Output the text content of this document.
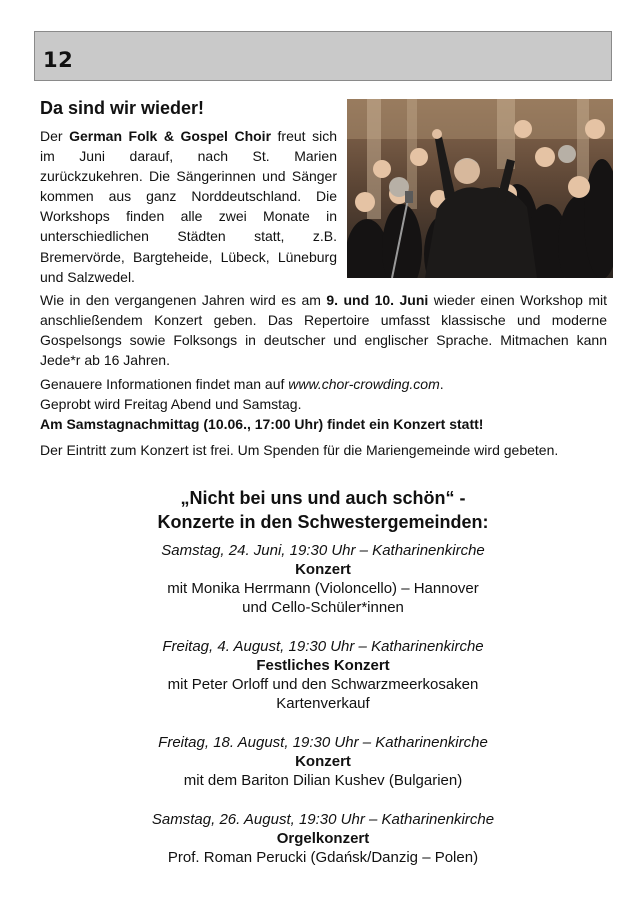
12
Da sind wir wieder!

Der German Folk & Gospel Choir freut sich im Juni darauf, nach St. Marien zurückzukehren. Die Sängerinnen und Sänger kommen aus ganz Norddeutschland. Die Workshops finden alle zwei Monate in unterschiedlichen Städten statt, z.B. Bremervörde, Bargteheide, Lübeck, Lüneburg und Salzwedel.

Wie in den vergangenen Jahren wird es am 9. und 10. Juni wieder einen Workshop mit anschließendem Konzert geben. Das Repertoire umfasst klassische und moderne Gospelsongs sowie Folksongs in deutscher und englischer Sprache. Mitmachen kann Jede*r ab 16 Jahren.

Genauere Informationen findet man auf www.chor-crowding.com.
Geprobt wird Freitag Abend und Samstag.
Am Samstagnachmittag (10.06., 17:00 Uhr) findet ein Konzert statt!

Der Eintritt zum Konzert ist frei. Um Spenden für die Mariengemeinde wird gebeten.

„Nicht bei uns und auch schön“ -
Konzerte in den Schwestergemeinden:
Samstag, 24. Juni, 19:30 Uhr – Katharinenkirche
Konzert
mit Monika Herrmann (Violoncello) – Hannover
und Cello-Schüler*innen
Freitag, 4. August, 19:30 Uhr – Katharinenkirche
Festliches Konzert
mit Peter Orloff und den Schwarzmeerkosaken
Kartenverkauf
Freitag, 18. August, 19:30 Uhr – Katharinenkirche
Konzert
mit dem Bariton Dilian Kushev (Bulgarien)
Samstag, 26. August, 19:30 Uhr – Katharinenkirche
Orgelkonzert
Prof. Roman Perucki (Gdańsk/Danzig – Polen)
